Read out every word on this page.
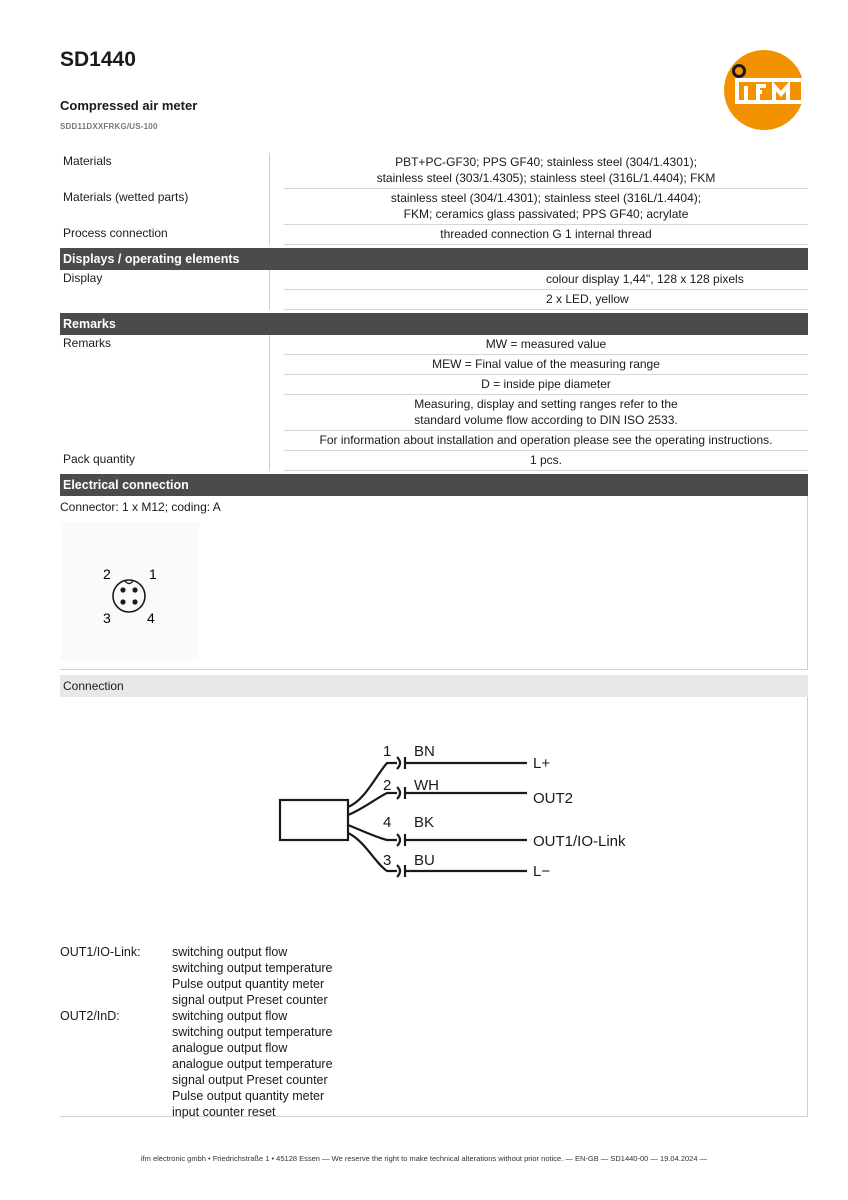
SD1440
Compressed air meter
SDD11DXXFRKG/US-100
Materials	PBT+PC-GF30; PPS GF40; stainless steel (304/1.4301);
stainless steel (303/1.4305); stainless steel (316L/1.4404); FKM
Materials (wetted parts)	stainless steel (304/1.4301); stainless steel (316L/1.4404);
FKM; ceramics glass passivated; PPS GF40; acrylate
Process connection	threaded connection G 1 internal thread
Displays / operating elements
Display	colour display 1,44", 128 x 128 pixels
2 x LED, yellow
Remarks
Remarks	MW = measured value
MEW = Final value of the measuring range
D = inside pipe diameter
Measuring, display and setting ranges refer to the
standard volume flow according to DIN ISO 2533.
For information about installation and operation please see the operating instructions.
Pack quantity	1 pcs.
Electrical connection
Connector: 1 x M12; coding: A
1
2
3	4
Connection
1 BN
L+
2 WH
OUT2
4 BK
OUT1/IO-Link
3 BU
L−
OUT1/IO-Link:	switching output flow
switching output temperature
Pulse output quantity meter
signal output Preset counter
OUT2/InD:	switching output flow
switching output temperature
analogue output flow
analogue output temperature
signal output Preset counter
Pulse output quantity meter
input counter reset
ifm electronic gmbh • Friedrichstraße 1 • 45128 Essen — We reserve the right to make technical alterations without prior notice. — EN-GB — SD1440-00 — 19.04.2024 —
